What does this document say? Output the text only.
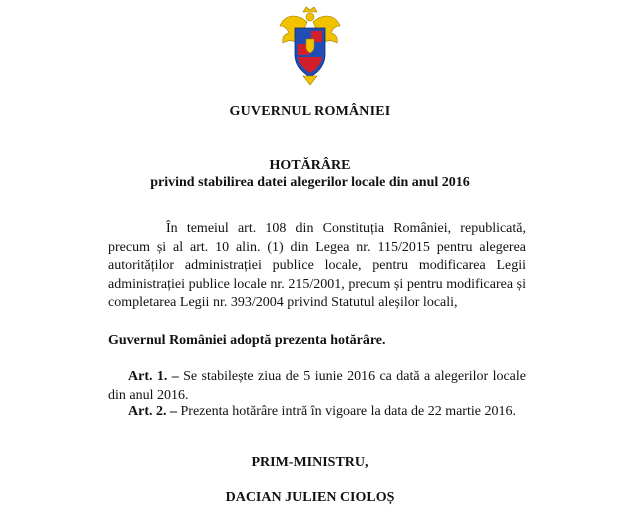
GUVERNUL ROMÂNIEI
HOTĂRÂRE
privind stabilirea datei alegerilor locale din anul 2016
În temeiul art. 108 din Constituția României, republicată, precum și al art. 10 alin. (1) din Legea nr. 115/2015 pentru alegerea autorităților administrației publice locale, pentru modificarea Legii administrației publice locale nr. 215/2001, precum și pentru modificarea și completarea Legii nr. 393/2004 privind Statutul aleșilor locali,
Guvernul României adoptă prezenta hotărâre.
Art. 1. – Se stabilește ziua de 5 iunie 2016 ca dată a alegerilor locale din anul 2016.
Art. 2. – Prezenta hotărâre intră în vigoare la data de 22 martie 2016.
PRIM-MINISTRU,
DACIAN JULIEN CIOLOȘ
